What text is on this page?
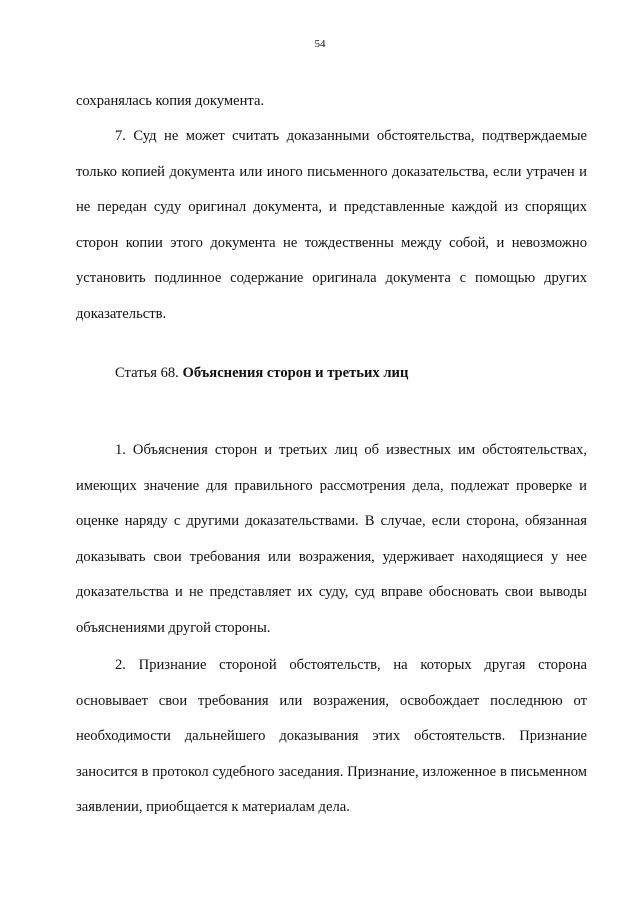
54

сохранялась копия документа.

7. Суд не может считать доказанными обстоятельства, подтверждаемые только копией документа или иного письменного доказательства, если утрачен и не передан суду оригинал документа, и представленные каждой из спорящих сторон копии этого документа не тождественны между собой, и невозможно установить подлинное содержание оригинала документа с помощью других доказательств.

Статья 68. Объяснения сторон и третьих лиц

1. Объяснения сторон и третьих лиц об известных им обстоятельствах, имеющих значение для правильного рассмотрения дела, подлежат проверке и оценке наряду с другими доказательствами. В случае, если сторона, обязанная доказывать свои требования или возражения, удерживает находящиеся у нее доказательства и не представляет их суду, суд вправе обосновать свои выводы объяснениями другой стороны.

2. Признание стороной обстоятельств, на которых другая сторона основывает свои требования или возражения, освобождает последнюю от необходимости дальнейшего доказывания этих обстоятельств. Признание заносится в протокол судебного заседания. Признание, изложенное в письменном заявлении, приобщается к материалам дела.
